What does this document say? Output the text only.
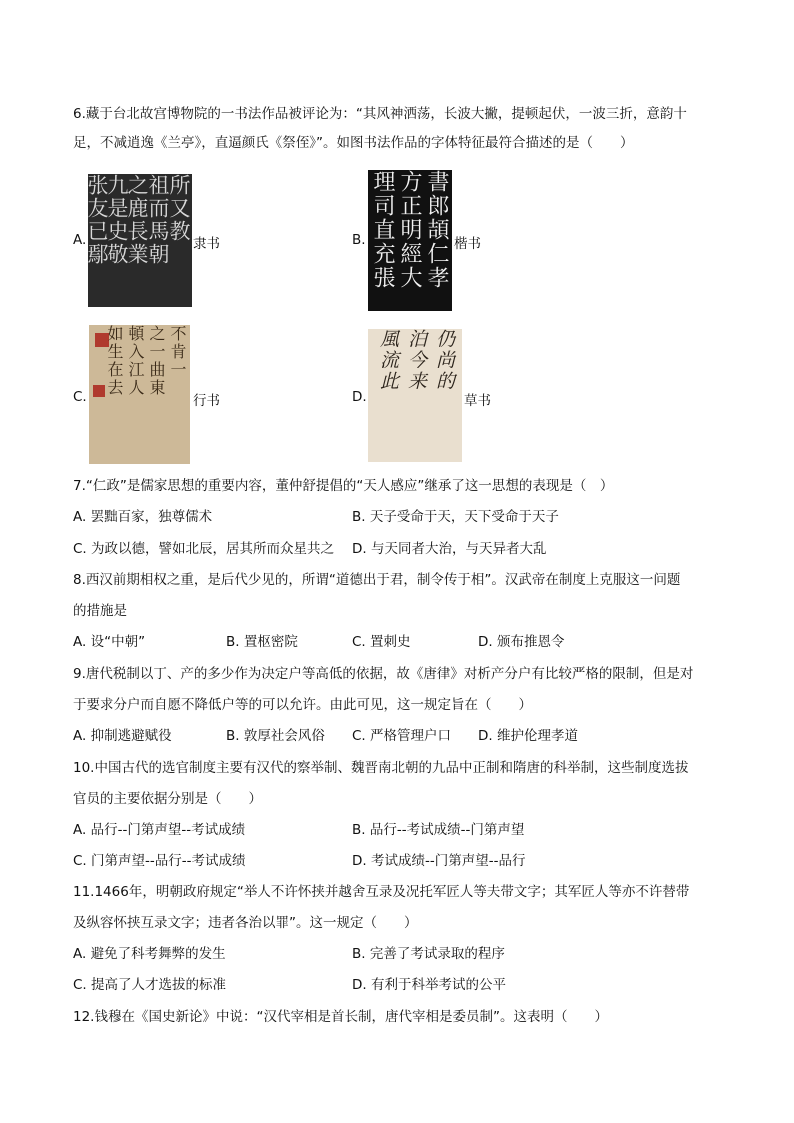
6.藏于台北故宫博物院的一书法作品被评论为：“其风神洒荡，长波大撇，提顿起伏，一波三折，意韵十
足，不减逍逸《兰亭》，直逼颜氏《祭侄》”。如图书法作品的字体特征最符合描述的是（　　）
A.	所又教
祖而馬朝
之鹿長業
九是史敬
张友已鄢	隶书	B.	書郎頡仁孝
方正明經大
理司直充張	楷书
C.
不肯一
之一曲東
頓入江人
如生在去
行书	D.
仍尚的
泊今来
風流此
草书
7.“仁政”是儒家思想的重要内容，董仲舒提倡的“天人感应”继承了这一思想的表现是（　）
A. 罢黜百家，独尊儒术	B. 天子受命于天，天下受命于天子
C. 为政以德，譬如北辰，居其所而众星共之 D. 与天同者大治，与天异者大乱
8.西汉前期相权之重，是后代少见的，所谓“道德出于君，制令传于相”。汉武帝在制度上克服这一问题
的措施是
A. 设“中朝”	B. 置枢密院	C. 置刺史	D. 颁布推恩令
9.唐代税制以丁、产的多少作为决定户等高低的依据，故《唐律》对析产分户有比较严格的限制，但是对
于要求分户而自愿不降低户等的可以允许。由此可见，这一规定旨在（　　）
A. 抑制逃避赋役	B. 敦厚社会风俗 C. 严格管理户口 D. 维护伦理孝道
10.中国古代的选官制度主要有汉代的察举制、魏晋南北朝的九品中正制和隋唐的科举制，这些制度选拔
官员的主要依据分别是（　　）
A. 品行--门第声望--考试成绩	B. 品行--考试成绩--门第声望
C. 门第声望--品行--考试成绩	D. 考试成绩--门第声望--品行
11.1466年，明朝政府规定“举人不许怀挟并越舍互录及况托军匠人等夫带文字；其军匠人等亦不许替带
及纵容怀挟互录文字；违者各治以罪”。这一规定（　　）
A. 避免了科考舞弊的发生	B. 完善了考试录取的程序
C. 提高了人才选拔的标准	D. 有利于科举考试的公平
12.钱穆在《国史新论》中说：“汉代宰相是首长制，唐代宰相是委员制”。这表明（　　）
